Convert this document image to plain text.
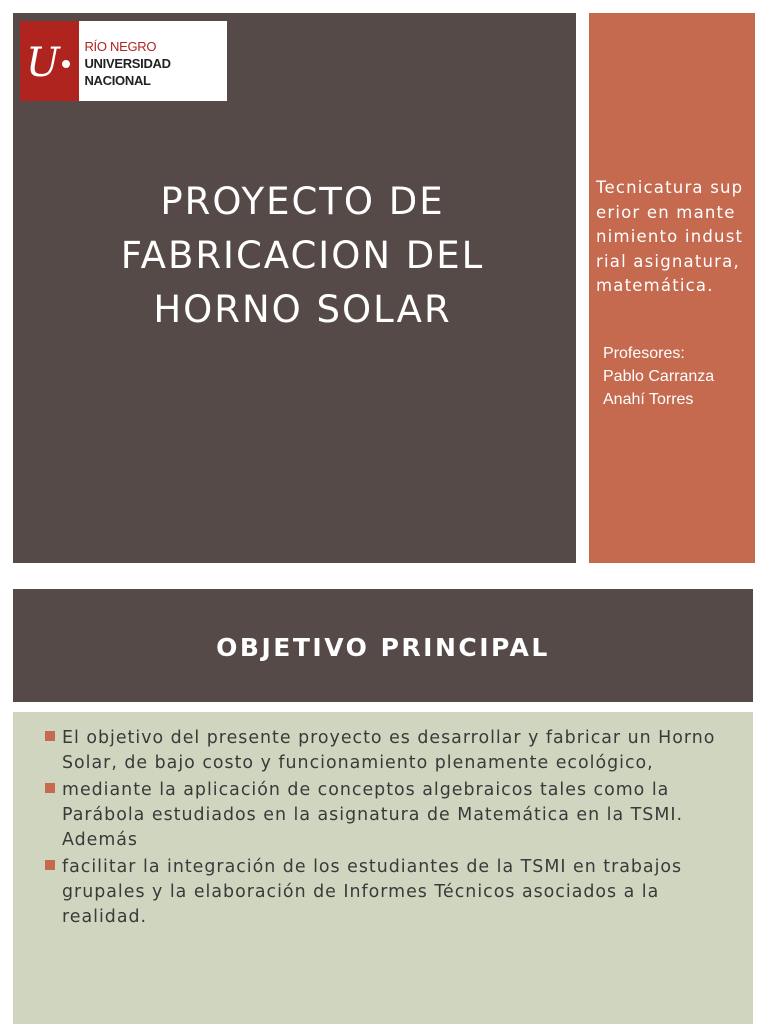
U RÍO NEGRO
UNIVERSIDAD NACIONAL
PROYECTO DE
FABRICACION DEL
HORNO SOLAR
Tecnicatura superior en mantenimiento industrial asignatura, matemática.
Profesores:
Pablo Carranza
Anahí Torres
OBJETIVO PRINCIPAL
El objetivo del presente proyecto es desarrollar y fabricar un Horno Solar, de bajo costo y funcionamiento plenamente ecológico,
mediante la aplicación de conceptos algebraicos tales como la Parábola estudiados en la asignatura de Matemática en la TSMI. Además
facilitar la integración de los estudiantes de la TSMI en trabajos grupales y la elaboración de Informes Técnicos asociados a la realidad.
